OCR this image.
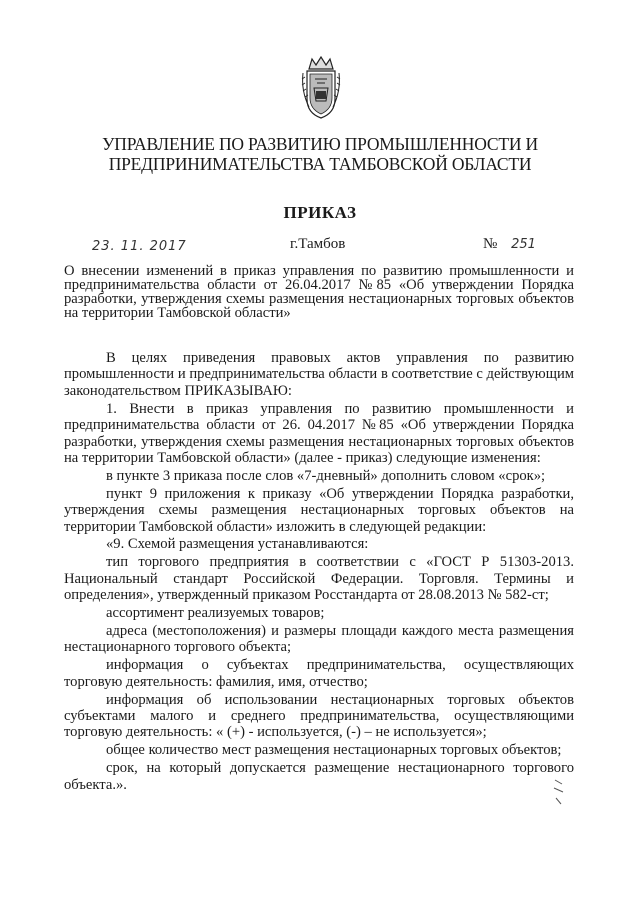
УПРАВЛЕНИЕ ПО РАЗВИТИЮ ПРОМЫШЛЕННОСТИ И
ПРЕДПРИНИМАТЕЛЬСТВА ТАМБОВСКОЙ ОБЛАСТИ
ПРИКАЗ
23. 11. 2017	г.Тамбов	№ 251
О внесении изменений в приказ управления по развитию промышленности и предпринимательства области от 26.04.2017 №85 «Об утверждении Порядка разработки, утверждения схемы размещения нестационарных торговых объектов на территории Тамбовской области»

В целях приведения правовых актов управления по развитию промышленности и предпринимательства области в соответствие с действующим законодательством ПРИКАЗЫВАЮ:

1. Внести в приказ управления по развитию промышленности и предпринимательства области от 26. 04.2017 №85 «Об утверждении Порядка разработки, утверждения схемы размещения нестационарных торговых объектов на территории Тамбовской области» (далее - приказ) следующие изменения:

в пункте 3 приказа после слов «7-дневный» дополнить словом «срок»;

пункт 9 приложения к приказу «Об утверждении Порядка разработки, утверждения схемы размещения нестационарных торговых объектов на территории Тамбовской области» изложить в следующей редакции:

«9. Схемой размещения устанавливаются:

тип торгового предприятия в соответствии с «ГОСТ Р 51303-2013. Национальный стандарт Российской Федерации. Торговля. Термины и определения», утвержденный приказом Росстандарта от 28.08.2013 № 582-ст;

ассортимент реализуемых товаров;

адреса (местоположения) и размеры площади каждого места размещения нестационарного торгового объекта;

информация о субъектах предпринимательства, осуществляющих торговую деятельность: фамилия, имя, отчество;

информация об использовании нестационарных торговых объектов субъектами малого и среднего предпринимательства, осуществляющими торговую деятельность: « (+) - используется, (-) – не используется»;

общее количество мест размещения нестационарных торговых объектов;

срок, на который допускается размещение нестационарного торгового объекта.».
